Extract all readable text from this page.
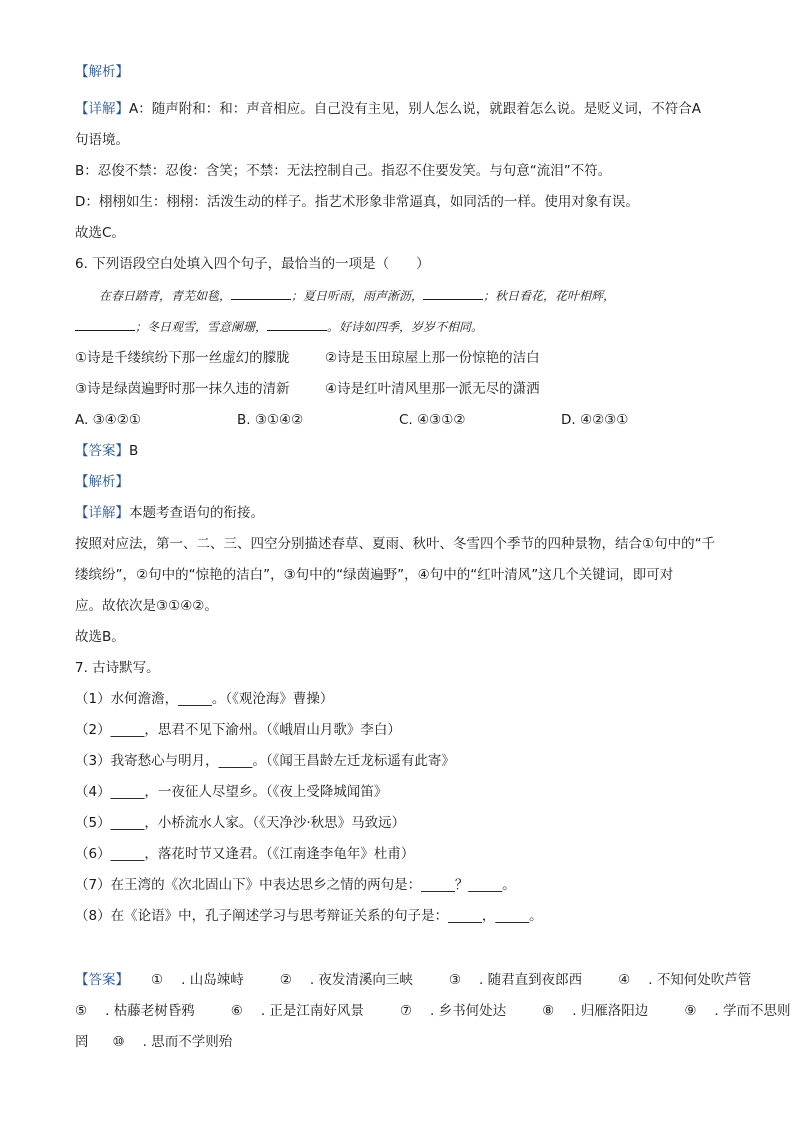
【解析】
【详解】A：随声附和：和：声音相应。自己没有主见，别人怎么说，就跟着怎么说。是贬义词，不符合A
句语境。
B：忍俊不禁：忍俊：含笑；不禁：无法控制自己。指忍不住要发笑。与句意“流泪”不符。
D：栩栩如生：栩栩：活泼生动的样子。指艺术形象非常逼真，如同活的一样。使用对象有误。
故选C。
6. 下列语段空白处填入四个句子，最恰当的一项是（　　）
在春日踏青，青芜如毯，	；夏日听雨，雨声淅沥，	；秋日看花，花叶相辉，
；冬日观雪，雪意阑珊，	。好诗如四季，岁岁不相同。
①诗是千缕缤纷下那一丝虚幻的朦胧	②诗是玉田琼屋上那一份惊艳的洁白
③诗是绿茵遍野时那一抹久违的清新	④诗是红叶清风里那一派无尽的潇洒
A. ③④②①	B. ③①④②	C. ④③①②	D. ④②③①
【答案】B
【解析】
【详解】本题考查语句的衔接。
按照对应法，第一、二、三、四空分别描述春草、夏雨、秋叶、冬雪四个季节的四种景物，结合①句中的“千
缕缤纷”，②句中的“惊艳的洁白”，③句中的“绿茵遍野”，④句中的“红叶清风”这几个关键词，即可对
应。故依次是③①④②。
故选B。
7. 古诗默写。
（1）水何澹澹，_____。（《观沧海》曹操）
（2）_____，思君不见下渝州。（《峨眉山月歌》李白）
（3）我寄愁心与明月，_____。（《闻王昌龄左迁龙标遥有此寄》
（4）_____，一夜征人尽望乡。（《夜上受降城闻笛》
（5）_____，小桥流水人家。（《天净沙·秋思》马致远）
（6）_____，落花时节又逢君。（《江南逢李龟年》杜甫）
（7）在王湾的《次北固山下》中表达思乡之情的两句是：_____？_____。
（8）在《论语》中，孔子阐述学习与思考辩证关系的句子是：_____，_____。
【答案】 ① . 山岛竦峙	② . 夜发清溪向三峡	③ . 随君直到夜郎西	④ . 不知何处吹芦管
⑤ . 枯藤老树昏鸦	⑥ . 正是江南好风景	⑦ . 乡书何处达	⑧ . 归雁洛阳边	⑨ . 学而不思则
罔 ⑩ . 思而不学则殆
